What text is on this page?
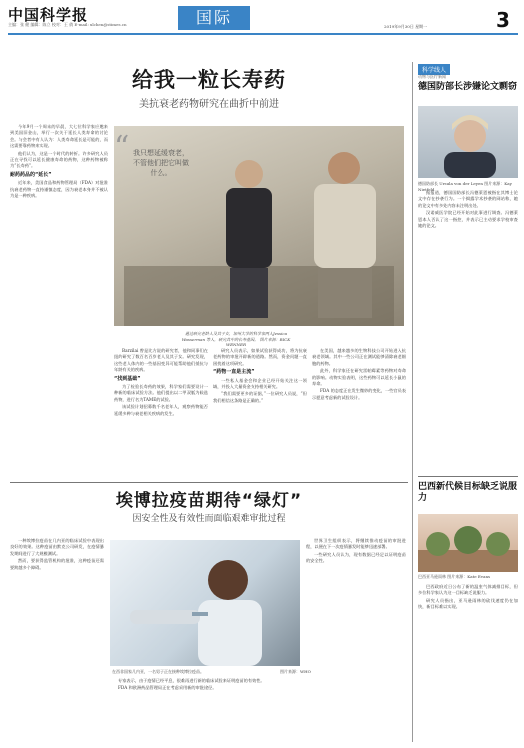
中国科学报
主编：张 健 编辑：陈立 校对：王 倩 E-mail: xlchen@stimes.cn	国际	2019年9月30日 星期一	3
给我一粒长寿药
美抗衰老药物研究在曲折中前进

今年9月一个周末的早晨，大七位科学家应邀来到美国旧金山，举行一次关于延长人类寿命的讨论会。与会者中有人认为：人类寿命延长是可能的，而这需要靠药物来实现。

他们认为，这是一个时代的转折。许多研究人员正在寻找可以延长健康寿命的药物，这种药物被称为“长寿药”。

耐药药品的“延长”

近年来，美国食品和药物管理局（FDA）对批准抗衰老药物一直持谨慎态度，因为衰老本身并不被认为是一种疾病。

“ 我只想延缓衰老，不管他们把它叫做什么。
通过研究老龄人及其子女，加州大学的科学家两人Jessica Wasserman 等人，研究其中的长寿基因。 图片来源：RICK WENNER

Barzilai 曾是比方说的研究者，他和同事们在纽约研究了数百名百岁老人及其子女。研究发现，这些老人体内的一些基因变异可能帮助他们抵抗与年龄有关的疾病。

“找到基础”

为了检验长寿药的效果，科学家们需要设计一种新的临床试验方法。他们提出以二甲双胍为候选药物，进行名为TAME的试验。

该试验计划招募数千名老年人，观察药物能否延缓多种与衰老相关疾病的发生。

研究人员表示，如果试验获得成功，将为抗衰老药物的审批开辟新的道路。然而，资金问题一直困扰着这项研究。

“药物一直是主流”

一些私人基金会和企业已经开始关注这一领域，并投入大量资金支持相关研究。

“我们需要更多的证据，”一位研究人员说，“但我们相信这条路是正确的。”

在美国，越来越多的生物科技公司开始进入抗衰老领域。其中一些公司正在测试能够清除衰老细胞的药物。

此外，科学家还在研究雷帕霉素等药物对寿命的影响。动物实验表明，这些药物可以延长小鼠的寿命。

FDA 的态度正在发生微妙的变化，一些官员表示愿意考虑新的试验设计。

科学线人
动物与医疗新闻
德国防部长涉嫌论文剽窃
德国防部长 Ursula von der Leyen 图片来源：Kay Nietfeld

据报道，德国国防部长冯德莱恩被指在其博士论文中存在抄袭行为。一个揭露学术抄袭的网站称，她的论文中有多处内容未注明出处。

汉诺威医学院已经开始对此事进行调查。冯德莱恩本人否认了这一指控，并表示已主动要求学校审查她的论文。

巴西新代候目标缺乏说服力
巴西亚马逊雨林 图片来源：Kate Evans

巴西政府近日公布了新的温室气体减排目标，但多位科学家认为这一目标缺乏说服力。

研究人员指出，亚马逊雨林的砍伐速度仍在加快，新目标难以实现。

埃博拉疫苗期待“绿灯”
因安全性及有效性而面临艰难审批过程

一种埃博拉疫苗在几内亚的临床试验中表现出良好的效果。这种疫苗由默克公司研发，在疫情暴发期间进行了大规模测试。

然而，要获得监管机构的批准，这种疫苗还需要跨越多个障碍。

在西非国家几内亚，一名男子正在接种埃博拉疫苗。	图片来源：WHO

专家表示，由于疫情已经平息，很难再进行新的临床试验来证明疫苗的有效性。

FDA 和欧洲药品管理局正在考虑采用新的审批途径。

世界卫生组织表示，将继续推动疫苗的审批进程，以便在下一次疫情暴发时能够迅速部署。

一些研究人员认为，现有数据已经足以证明疫苗的安全性。
